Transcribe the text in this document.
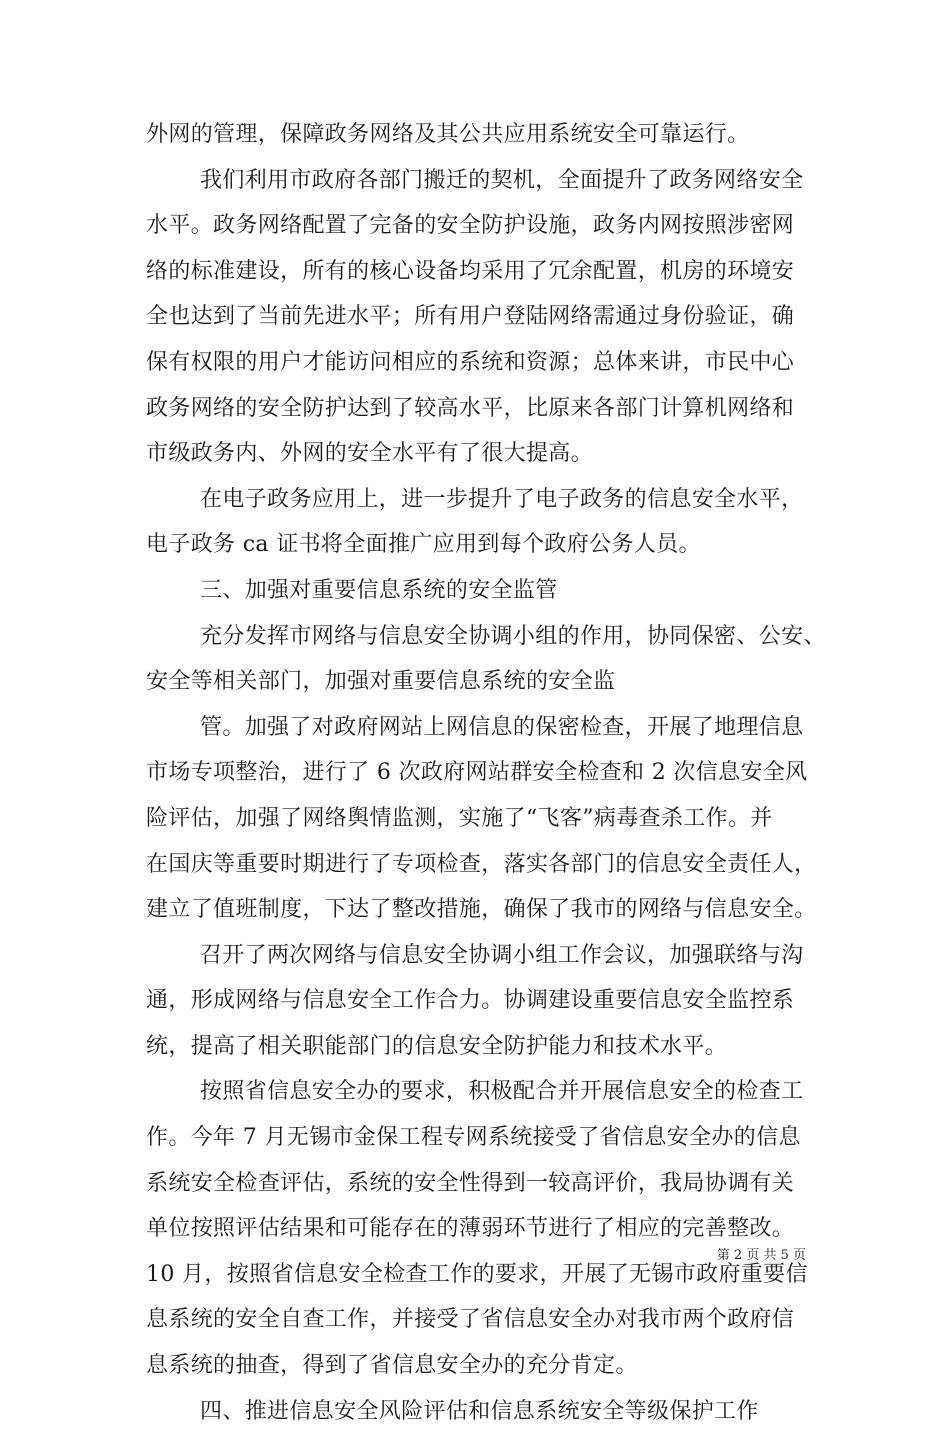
外网的管理，保障政务网络及其公共应用系统安全可靠运行。
我们利用市政府各部门搬迁的契机，全面提升了政务网络安全
水平。政务网络配置了完备的安全防护设施，政务内网按照涉密网
络的标准建设，所有的核心设备均采用了冗余配置，机房的环境安
全也达到了当前先进水平；所有用户登陆网络需通过身份验证，确
保有权限的用户才能访问相应的系统和资源；总体来讲，市民中心
政务网络的安全防护达到了较高水平，比原来各部门计算机网络和
市级政务内、外网的安全水平有了很大提高。
在电子政务应用上，进一步提升了电子政务的信息安全水平，
电子政务 ca 证书将全面推广应用到每个政府公务人员。
三、加强对重要信息系统的安全监管
充分发挥市网络与信息安全协调小组的作用，协同保密、公安、
安全等相关部门，加强对重要信息系统的安全监
管。加强了对政府网站上网信息的保密检查，开展了地理信息
市场专项整治，进行了 6 次政府网站群安全检查和 2 次信息安全风
险评估，加强了网络舆情监测，实施了“飞客”病毒查杀工作。并
在国庆等重要时期进行了专项检查，落实各部门的信息安全责任人，
建立了值班制度，下达了整改措施，确保了我市的网络与信息安全。
召开了两次网络与信息安全协调小组工作会议，加强联络与沟
通，形成网络与信息安全工作合力。协调建设重要信息安全监控系
统，提高了相关职能部门的信息安全防护能力和技术水平。
按照省信息安全办的要求，积极配合并开展信息安全的检查工
作。今年 7 月无锡市金保工程专网系统接受了省信息安全办的信息
系统安全检查评估，系统的安全性得到一较高评价，我局协调有关
单位按照评估结果和可能存在的薄弱环节进行了相应的完善整改。
10 月，按照省信息安全检查工作的要求，开展了无锡市政府重要信
息系统的安全自查工作，并接受了省信息安全办对我市两个政府信
息系统的抽查，得到了省信息安全办的充分肯定。
四、推进信息安全风险评估和信息系统安全等级保护工作
第 2 页 共 5 页
